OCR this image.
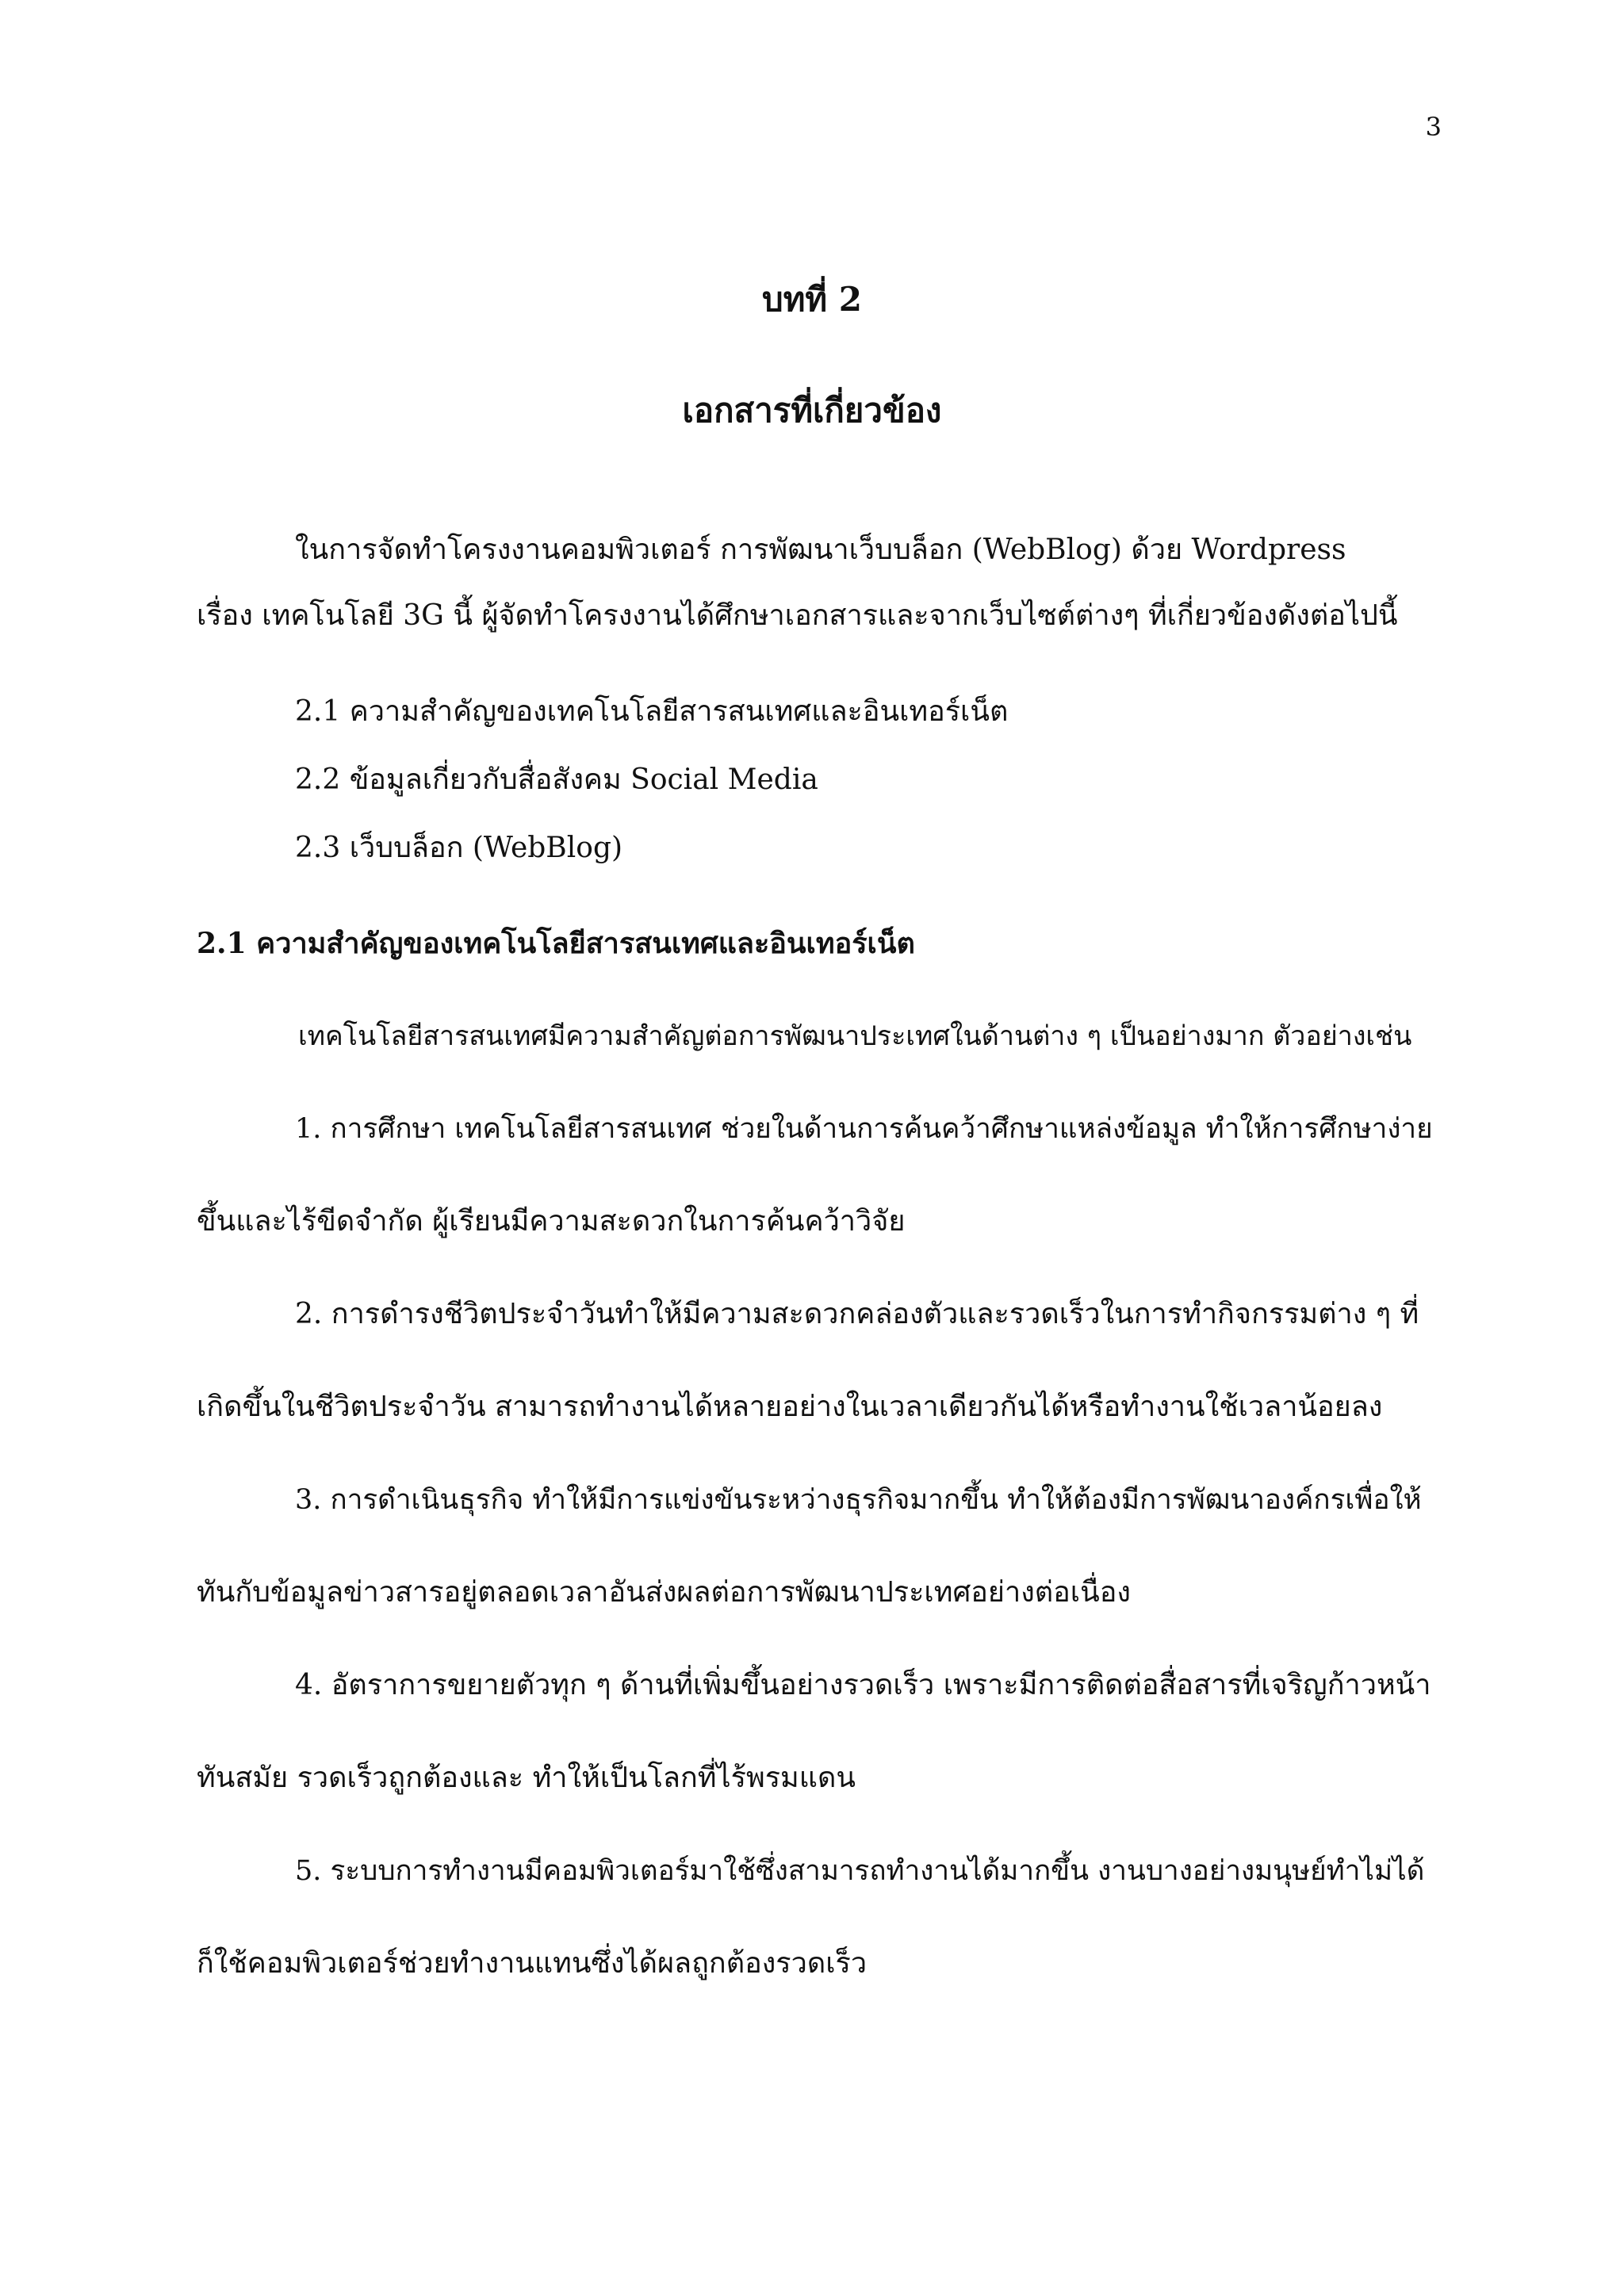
3
บทที่ 2
เอกสารที่เกี่ยวข้อง
ในการจัดทำโครงงานคอมพิวเตอร์ การพัฒนาเว็บบล็อก (WebBlog) ด้วย Wordpress
เรื่อง เทคโนโลยี 3G นี้ ผู้จัดทำโครงงานได้ศึกษาเอกสารและจากเว็บไซต์ต่างๆ ที่เกี่ยวข้องดังต่อไปนี้
2.1 ความสำคัญของเทคโนโลยีสารสนเทศและอินเทอร์เน็ต
2.2 ข้อมูลเกี่ยวกับสื่อสังคม Social Media
2.3 เว็บบล็อก (WebBlog)
2.1 ความสำคัญของเทคโนโลยีสารสนเทศและอินเทอร์เน็ต
เทคโนโลยีสารสนเทศมีความสำคัญต่อการพัฒนาประเทศในด้านต่าง ๆ เป็นอย่างมาก ตัวอย่างเช่น
1. การศึกษา เทคโนโลยีสารสนเทศ ช่วยในด้านการค้นคว้าศึกษาแหล่งข้อมูล ทำให้การศึกษาง่าย
ขึ้นและไร้ขีดจำกัด ผู้เรียนมีความสะดวกในการค้นคว้าวิจัย
2. การดำรงชีวิตประจำวันทำให้มีความสะดวกคล่องตัวและรวดเร็วในการทำกิจกรรมต่าง ๆ ที่
เกิดขึ้นในชีวิตประจำวัน สามารถทำงานได้หลายอย่างในเวลาเดียวกันได้หรือทำงานใช้เวลาน้อยลง
3. การดำเนินธุรกิจ ทำให้มีการแข่งขันระหว่างธุรกิจมากขึ้น ทำให้ต้องมีการพัฒนาองค์กรเพื่อให้
ทันกับข้อมูลข่าวสารอยู่ตลอดเวลาอันส่งผลต่อการพัฒนาประเทศอย่างต่อเนื่อง
4. อัตราการขยายตัวทุก ๆ ด้านที่เพิ่มขึ้นอย่างรวดเร็ว เพราะมีการติดต่อสื่อสารที่เจริญก้าวหน้า
ทันสมัย รวดเร็วถูกต้องและ ทำให้เป็นโลกที่ไร้พรมแดน
5. ระบบการทำงานมีคอมพิวเตอร์มาใช้ซึ่งสามารถทำงานได้มากขึ้น งานบางอย่างมนุษย์ทำไม่ได้
ก็ใช้คอมพิวเตอร์ช่วยทำงานแทนซึ่งได้ผลถูกต้องรวดเร็ว
